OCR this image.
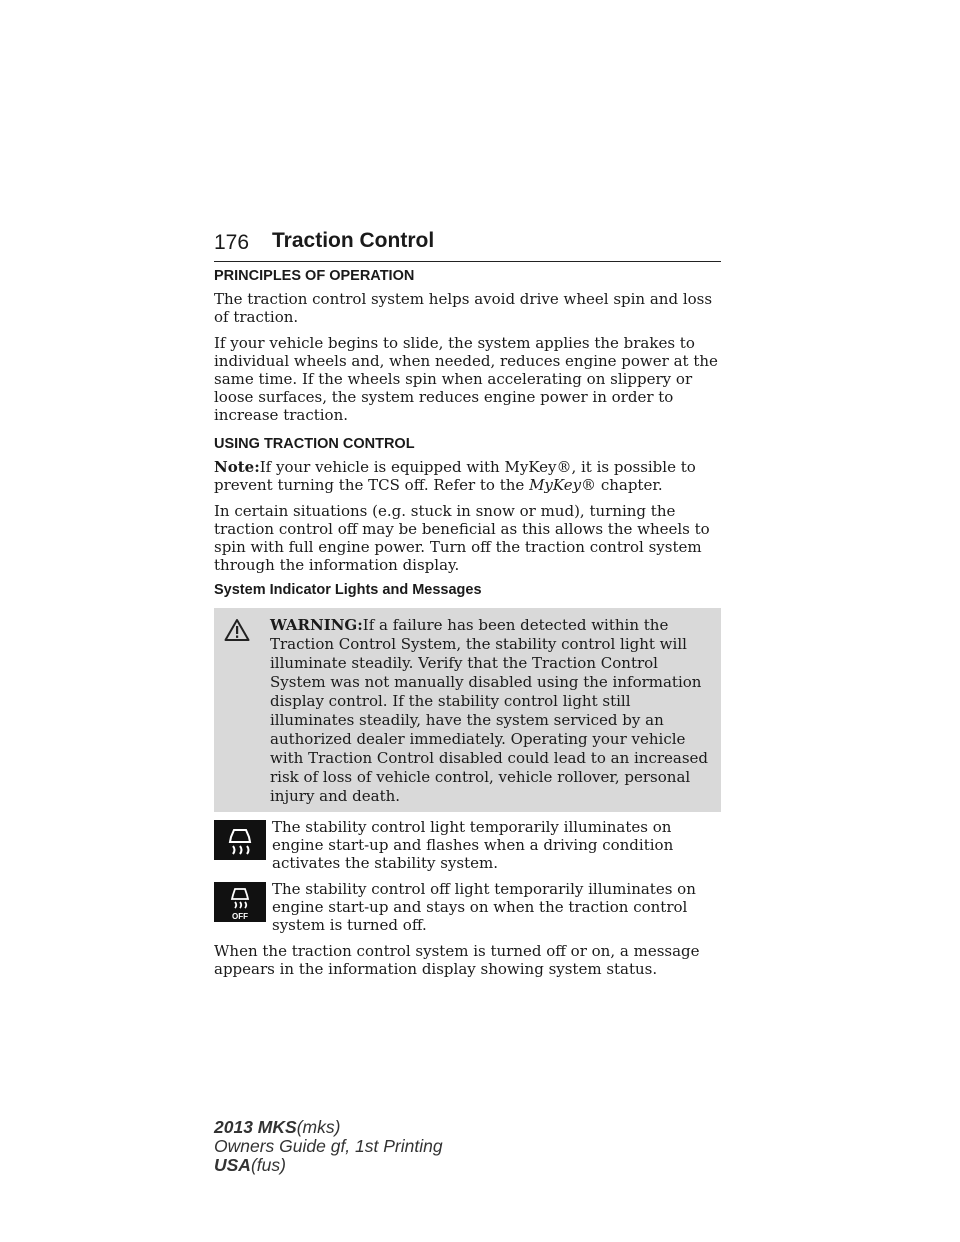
176 Traction Control
PRINCIPLES OF OPERATION

The traction control system helps avoid drive wheel spin and loss of traction.

If your vehicle begins to slide, the system applies the brakes to individual wheels and, when needed, reduces engine power at the same time. If the wheels spin when accelerating on slippery or loose surfaces, the system reduces engine power in order to increase traction.

USING TRACTION CONTROL

Note:If your vehicle is equipped with MyKey®, it is possible to prevent turning the TCS off. Refer to the MyKey® chapter.

In certain situations (e.g. stuck in snow or mud), turning the traction control off may be beneficial as this allows the wheels to spin with full engine power. Turn off the traction control system through the information display.

System Indicator Lights and Messages
WARNING:If a failure has been detected within the Traction Control System, the stability control light will illuminate steadily. Verify that the Traction Control System was not manually disabled using the information display control. If the stability control light still illuminates steadily, have the system serviced by an authorized dealer immediately. Operating your vehicle with Traction Control disabled could lead to an increased risk of loss of vehicle control, vehicle rollover, personal injury and death.

The stability control light temporarily illuminates on engine start-up and flashes when a driving condition activates the stability system.

OFF

The stability control off light temporarily illuminates on engine start-up and stays on when the traction control system is turned off.

When the traction control system is turned off or on, a message appears in the information display showing system status.

2013 MKS(mks)
Owners Guide gf, 1st Printing
USA(fus)
